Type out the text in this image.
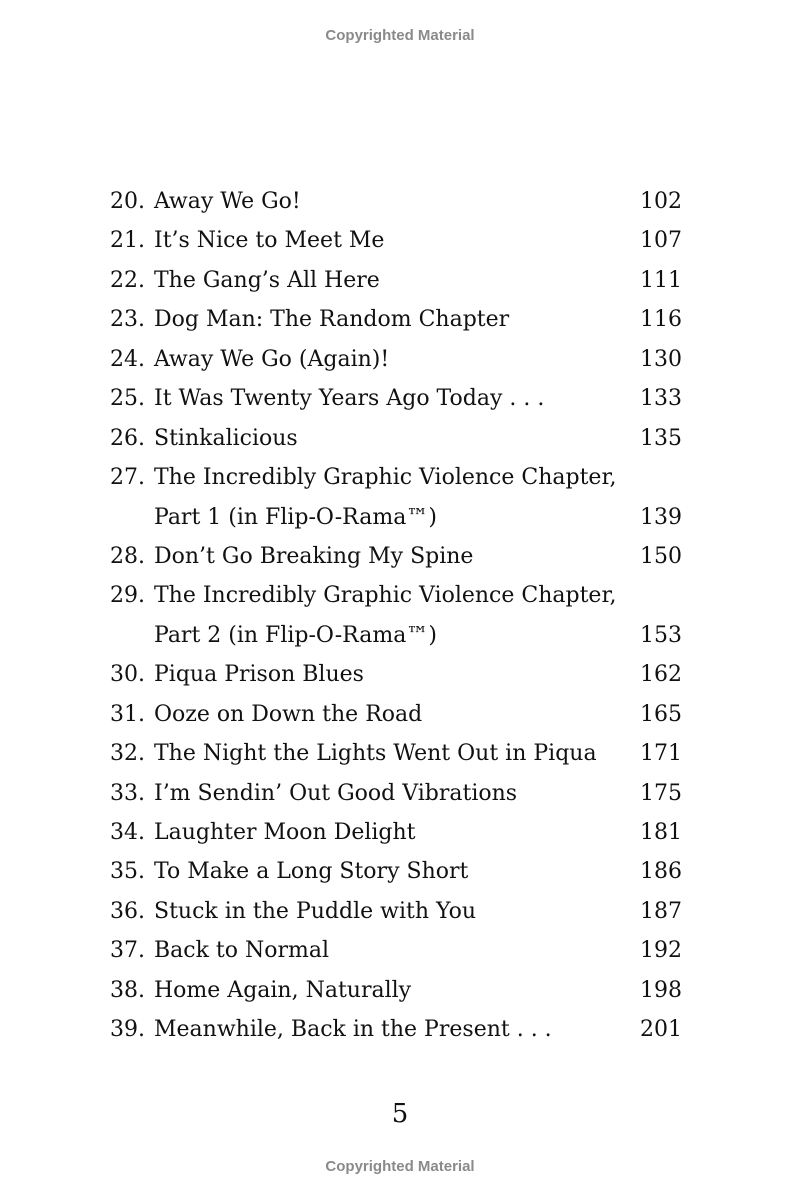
Copyrighted Material
20. Away We Go!	102
21. It’s Nice to Meet Me	107
22. The Gang’s All Here	111
23. Dog Man: The Random Chapter	116
24. Away We Go (Again)!	130
25. It Was Twenty Years Ago Today . . .	133
26. Stinkalicious	135
27. The Incredibly Graphic Violence Chapter,
Part 1 (in Flip-O-Rama™)	139
28. Don’t Go Breaking My Spine	150
29. The Incredibly Graphic Violence Chapter,
Part 2 (in Flip-O-Rama™)	153
30. Piqua Prison Blues	162
31. Ooze on Down the Road	165
32. The Night the Lights Went Out in Piqua 171
33. I’m Sendin’ Out Good Vibrations	175
34. Laughter Moon Delight	181
35. To Make a Long Story Short	186
36. Stuck in the Puddle with You	187
37. Back to Normal	192
38. Home Again, Naturally	198
39. Meanwhile, Back in the Present . . .	201
5
Copyrighted Material
